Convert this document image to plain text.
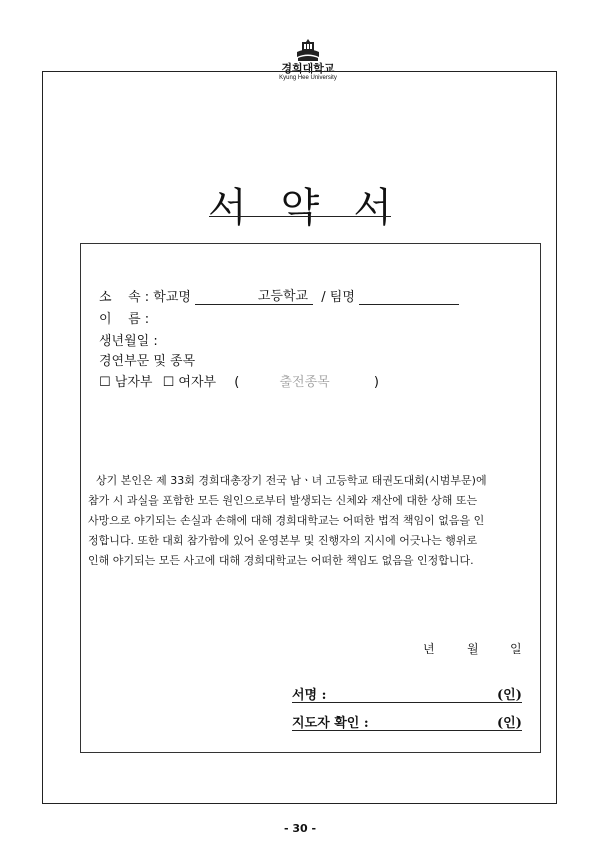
경희대학교
Kyung Hee University
서 약 서
소    속 : 학교명	고등학교 / 팀명
이    름 :
생년월일 :
경연부문 및 종목
☐ 남자부 ☐ 여자부 (	출전종목	)
상기 본인은 제 33회 경희대총장기 전국 남ㆍ녀 고등학교 태권도대회(시범부문)에
참가 시 과실을 포함한 모든 원인으로부터 발생되는 신체와 재산에 대한 상해 또는
사망으로 야기되는 손실과 손해에 대해 경희대학교는 어떠한 법적 책임이 없음을 인
정합니다. 또한 대회 참가함에 있어 운영본부 및 진행자의 지시에 어긋나는 행위로
인해 야기되는 모든 사고에 대해 경희대학교는 어떠한 책임도 없음을 인정합니다.
년	월	일
서명 :	(인)
지도자 확인 :	(인)
- 30 -
